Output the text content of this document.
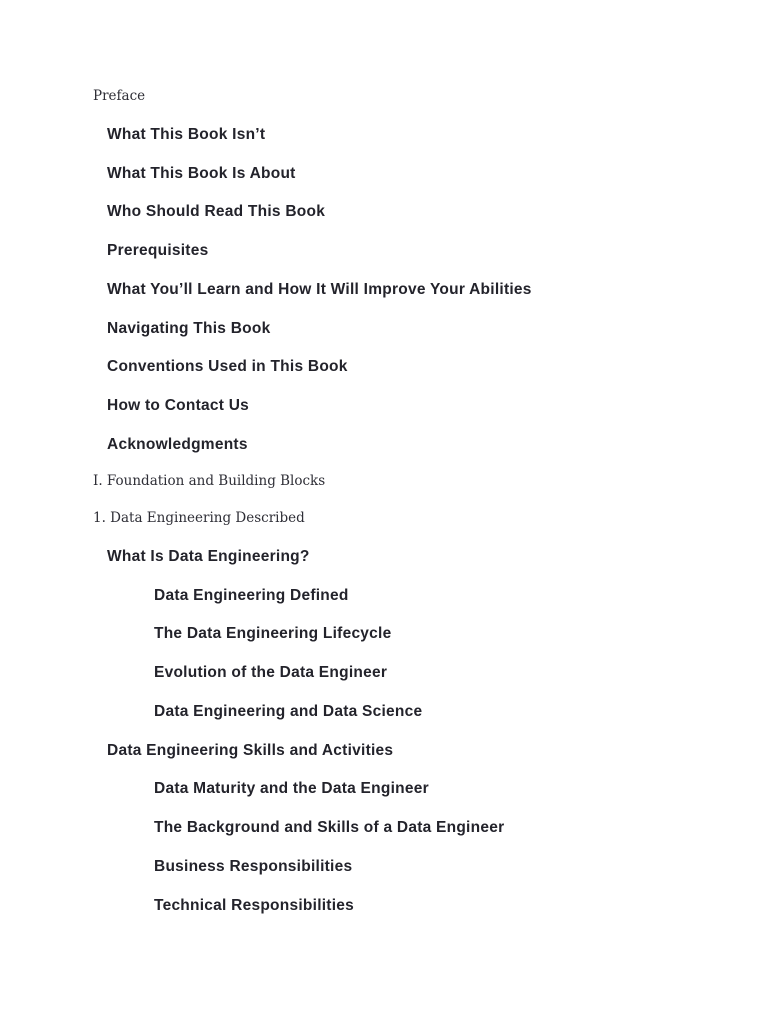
Preface
What This Book Isn’t
What This Book Is About
Who Should Read This Book
Prerequisites
What You’ll Learn and How It Will Improve Your Abilities
Navigating This Book
Conventions Used in This Book
How to Contact Us
Acknowledgments
I. Foundation and Building Blocks
1. Data Engineering Described
What Is Data Engineering?
Data Engineering Defined
The Data Engineering Lifecycle
Evolution of the Data Engineer
Data Engineering and Data Science
Data Engineering Skills and Activities
Data Maturity and the Data Engineer
The Background and Skills of a Data Engineer
Business Responsibilities
Technical Responsibilities
